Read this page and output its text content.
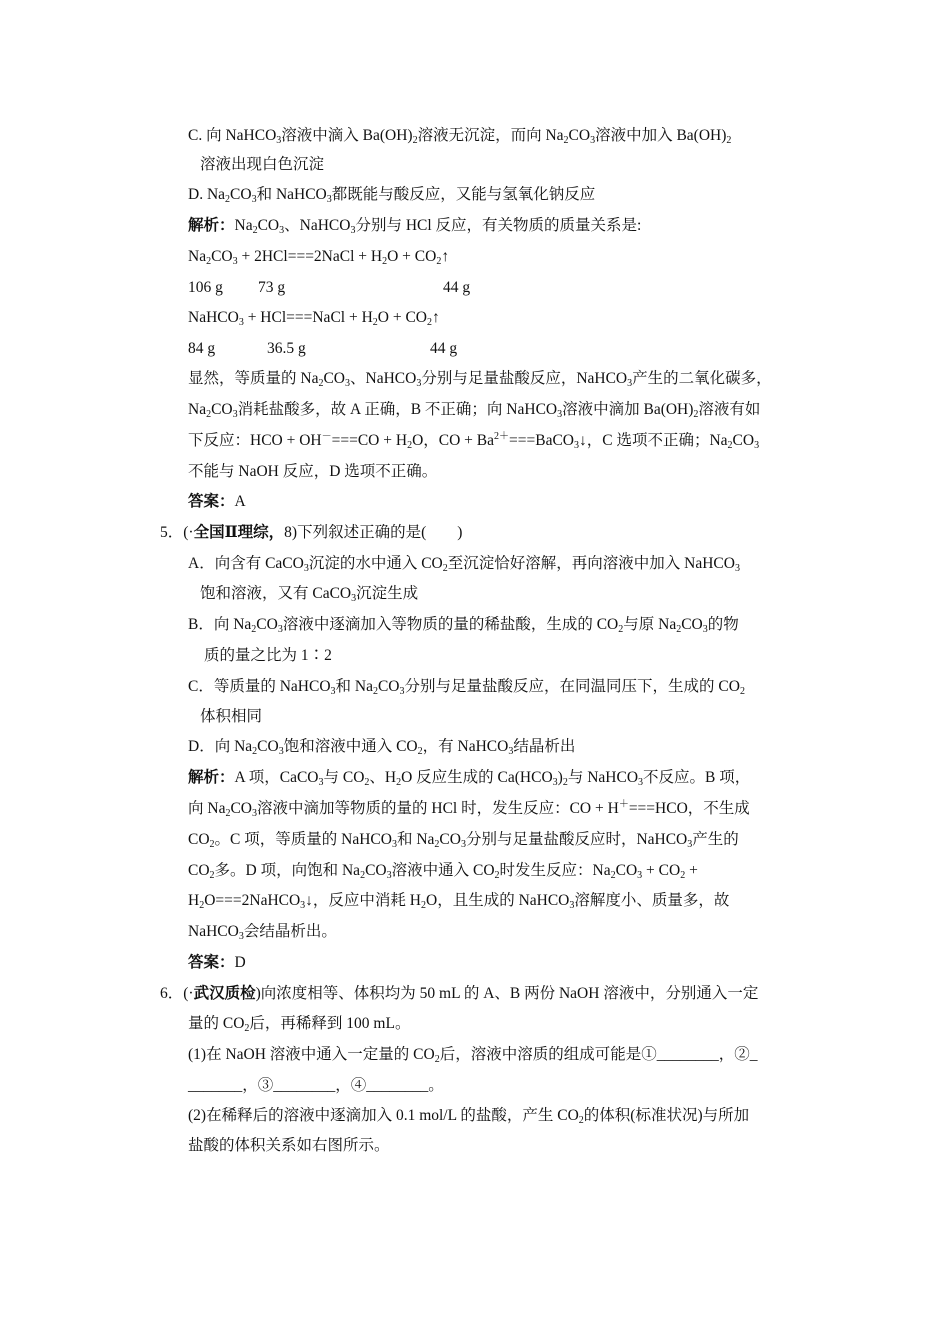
C. 向 NaHCO$_3$溶液中滴入 $Ba(OH)_2$溶液无沉淀，而向 $Na_2CO_3$溶液中加入 $Ba(OH)_2$
溶液出现白色沉淀
D. $Na_2CO_3$和 NaHCO$_3$都既能与酸反应，又能与氢氧化钠反应
解析：$Na_2CO_3$、NaHCO$_3$分别与 HCl 反应，有关物质的质量关系是:
$Na_2CO_3$ + 2HCl===2NaCl + $H_2O$ + $CO_2↑$
106 g 73 g	44 g
NaHCO$_3$ + HCl===NaCl + $H_2O$ + $CO_2↑$
84 g	36.5 g	44 g
显然，等质量的 $Na_2CO_3$、NaHCO$_3$分别与足量盐酸反应，NaHCO$_3$产生的二氧化碳多，
$Na_2CO_3$消耗盐酸多，故 A 正确，B 不正确；向 NaHCO$_3$溶液中滴加 $Ba(OH)_2$溶液有如
下反应：HCO + $OH^-===CO + H_2O$，CO + $Ba^{2+}===BaCO_3↓$，C 选项不正确；$Na_2CO_3$
不能与 NaOH 反应，D 选项不正确。
答案：A
5．(·全国Ⅱ理综，8)下列叙述正确的是(　　)
A．向含有 CaCO$_3$沉淀的水中通入 $CO_2$至沉淀恰好溶解，再向溶液中加入 NaHCO$_3$
饱和溶液，又有 CaCO$_3$沉淀生成
B．向 $Na_2CO_3$溶液中逐滴加入等物质的量的稀盐酸，生成的 $CO_2$与原 $Na_2CO_3$的物
质的量之比为 1∶2
C．等质量的 NaHCO$_3$和 $Na_2CO_3$分别与足量盐酸反应，在同温同压下，生成的 $CO_2$
体积相同
D．向 $Na_2CO_3$饱和溶液中通入 $CO_2$，有 NaHCO$_3$结晶析出
解析：A 项，CaCO$_3$与 $CO_2$、$H_2O$ 反应生成的 $Ca(HCO_3)_2$与 NaHCO$_3$不反应。B 项，
向 $Na_2CO_3$溶液中滴加等物质的量的 HCl 时，发生反应：CO + H＋===HCO，不生成
$CO_2$。C 项，等质量的 NaHCO$_3$和 $Na_2CO_3$分别与足量盐酸反应时，NaHCO$_3$产生的
$CO_2$多。D 项，向饱和 $Na_2CO_3$溶液中通入 $CO_2$时发生反应：$Na_2CO_3 + CO_2$ +
$H_2O===2NaHCO_3↓$，反应中消耗 $H_2O$，且生成的 NaHCO$_3$溶解度小、质量多，故
NaHCO$_3$会结晶析出。
答案：D
6．(·武汉质检)向浓度相等、体积均为 50 mL 的 A、B 两份 NaOH 溶液中，分别通入一定
量的 $CO_2$后，再稀释到 100 mL。
(1)在 NaOH 溶液中通入一定量的 $CO_2$后，溶液中溶质的组成可能是①________，②_
_______，③________，④________。
(2)在稀释后的溶液中逐滴加入 0.1 mol/L 的盐酸，产生 $CO_2$的体积(标准状况)与所加
盐酸的体积关系如右图所示。
